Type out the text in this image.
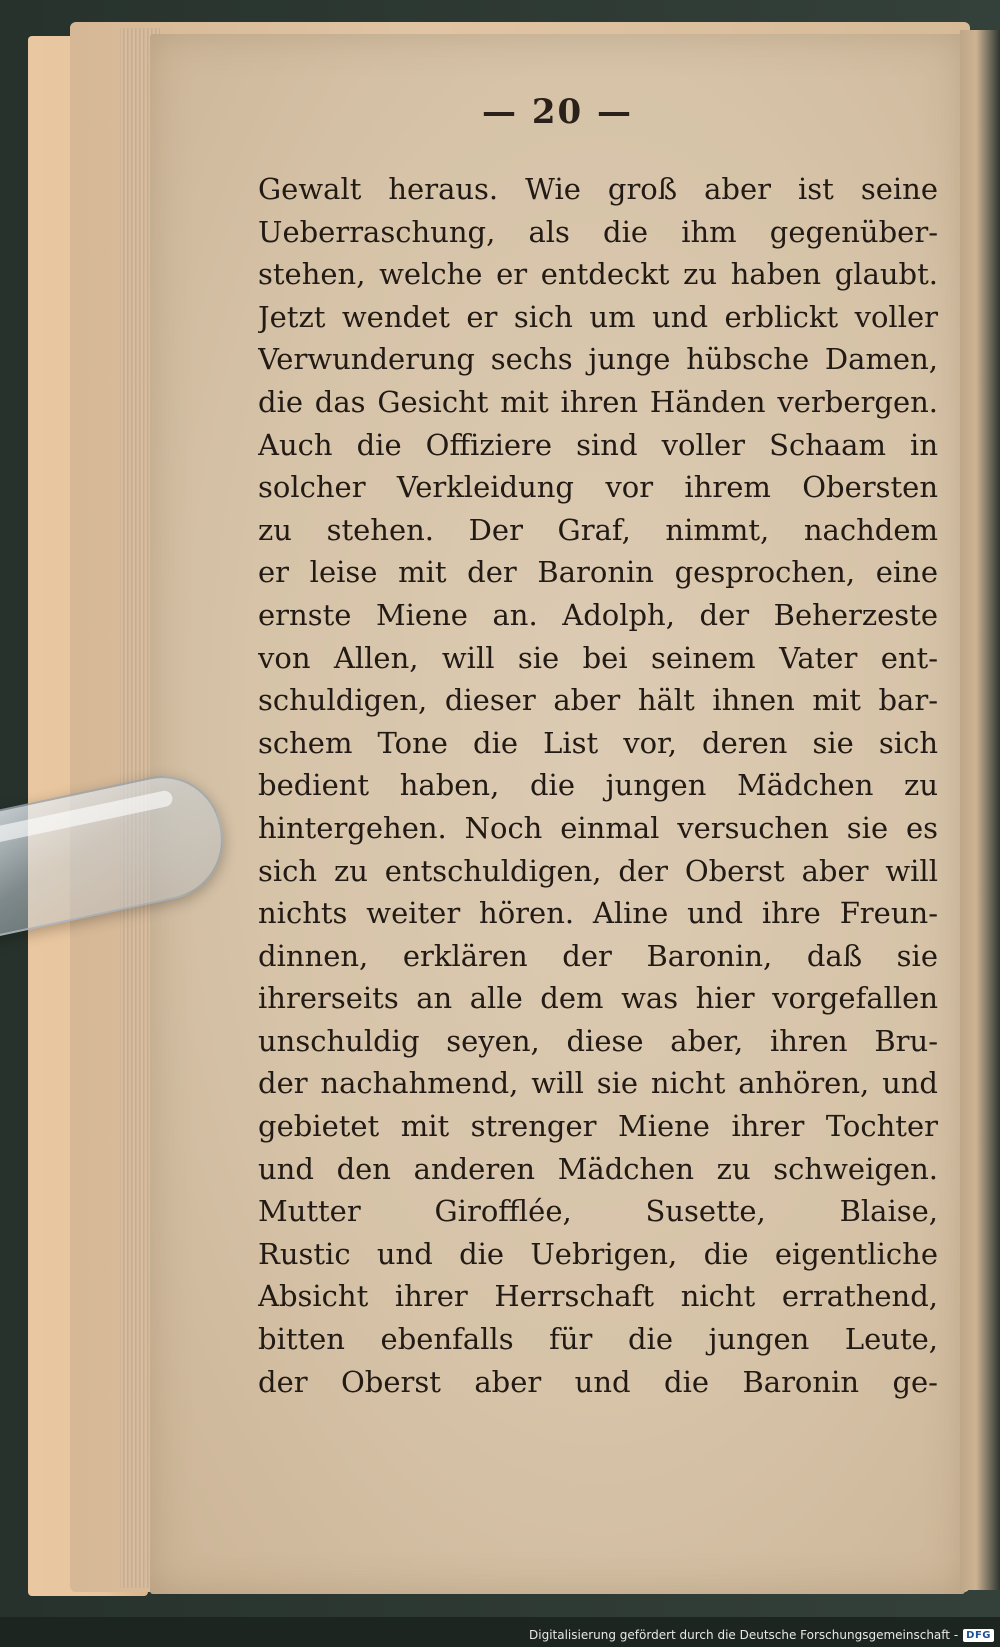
— 20 —
Gewalt heraus. Wie groß aber ist seine
Ueberraschung, als die ihm gegenüber-
stehen, welche er entdeckt zu haben glaubt.
Jetzt wendet er sich um und erblickt voller
Verwunderung sechs junge hübsche Damen,
die das Gesicht mit ihren Händen verbergen.
Auch die Offiziere sind voller Schaam in
solcher Verkleidung vor ihrem Obersten
zu stehen. Der Graf, nimmt, nachdem
er leise mit der Baronin gesprochen, eine
ernste Miene an. Adolph, der Beherzeste
von Allen, will sie bei seinem Vater ent-
schuldigen, dieser aber hält ihnen mit bar-
schem Tone die List vor, deren sie sich
bedient haben, die jungen Mädchen zu
hintergehen. Noch einmal versuchen sie es
sich zu entschuldigen, der Oberst aber will
nichts weiter hören. Aline und ihre Freun-
dinnen, erklären der Baronin, daß sie
ihrerseits an alle dem was hier vorgefallen
unschuldig seyen, diese aber, ihren Bru-
der nachahmend, will sie nicht anhören, und
gebietet mit strenger Miene ihrer Tochter
und den anderen Mädchen zu schweigen.
Mutter Girofflée, Susette, Blaise,
Rustic und die Uebrigen, die eigentliche
Absicht ihrer Herrschaft nicht errathend,
bitten ebenfalls für die jungen Leute,
der Oberst aber und die Baronin ge-
Digitalisierung gefördert durch die Deutsche Forschungsgemeinschaft - DFG
